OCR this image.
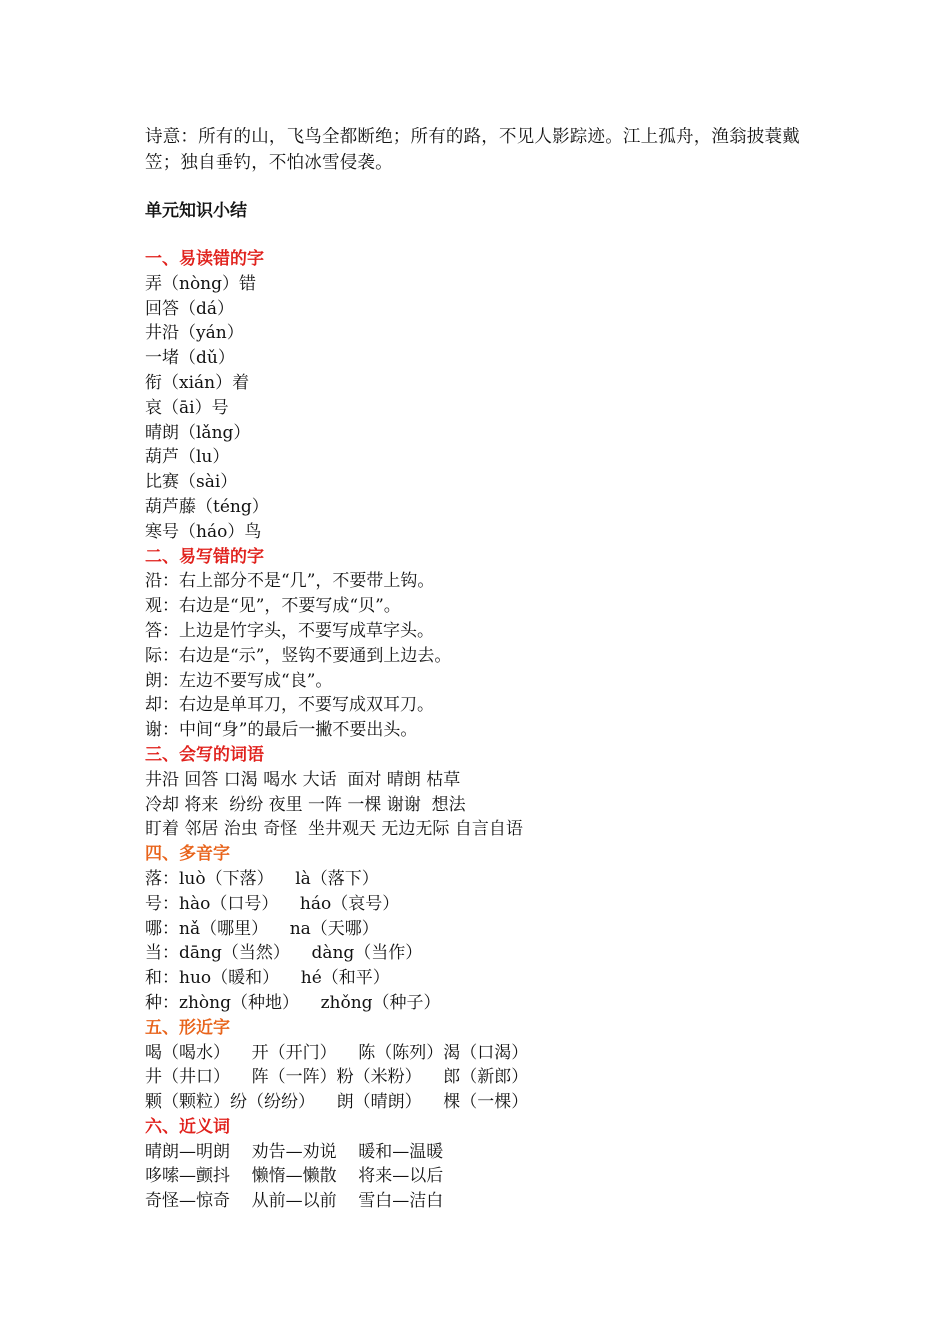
诗意：所有的山，飞鸟全都断绝；所有的路，不见人影踪迹。江上孤舟，渔翁披蓑戴
笠；独自垂钓，不怕冰雪侵袭。
单元知识小结
一、易读错的字
弄（nòng）错
回答（dá）
井沿（yán）
一堵（dǔ）
衔（xián）着
哀（āi）号
晴朗（lǎng）
葫芦（lu）
比赛（sài）
葫芦藤（téng）
寒号（háo）鸟
二、易写错的字
沿：右上部分不是“几”，不要带上钩。
观：右边是“见”，不要写成“贝”。
答：上边是竹字头，不要写成草字头。
际：右边是“示”，竖钩不要通到上边去。
朗：左边不要写成“良”。
却：右边是单耳刀，不要写成双耳刀。
谢：中间“身”的最后一撇不要出头。
三、会写的词语
井沿 回答 口渴 喝水 大话  面对 晴朗 枯草
冷却 将来  纷纷 夜里 一阵 一棵 谢谢  想法
盯着 邻居 治虫 奇怪  坐井观天 无边无际 自言自语
四、多音字
落：luò（下落）    là（落下）
号：hào（口号）    háo（哀号）
哪：nǎ（哪里）    na（天哪）
当：dāng（当然）    dàng（当作）
和：huo（暖和）    hé（和平）
种：zhòng（种地）    zhǒng（种子）
五、形近字
喝（喝水）    开（开门）    陈（陈列）渴（口渴）
井（井口）    阵（一阵）粉（米粉）    郎（新郎）
颗（颗粒）纷（纷纷）    朗（晴朗）    棵（一棵）
六、近义词
晴朗—明朗    劝告—劝说    暖和—温暖
哆嗦—颤抖    懒惰—懒散    将来—以后
奇怪—惊奇    从前—以前    雪白—洁白
